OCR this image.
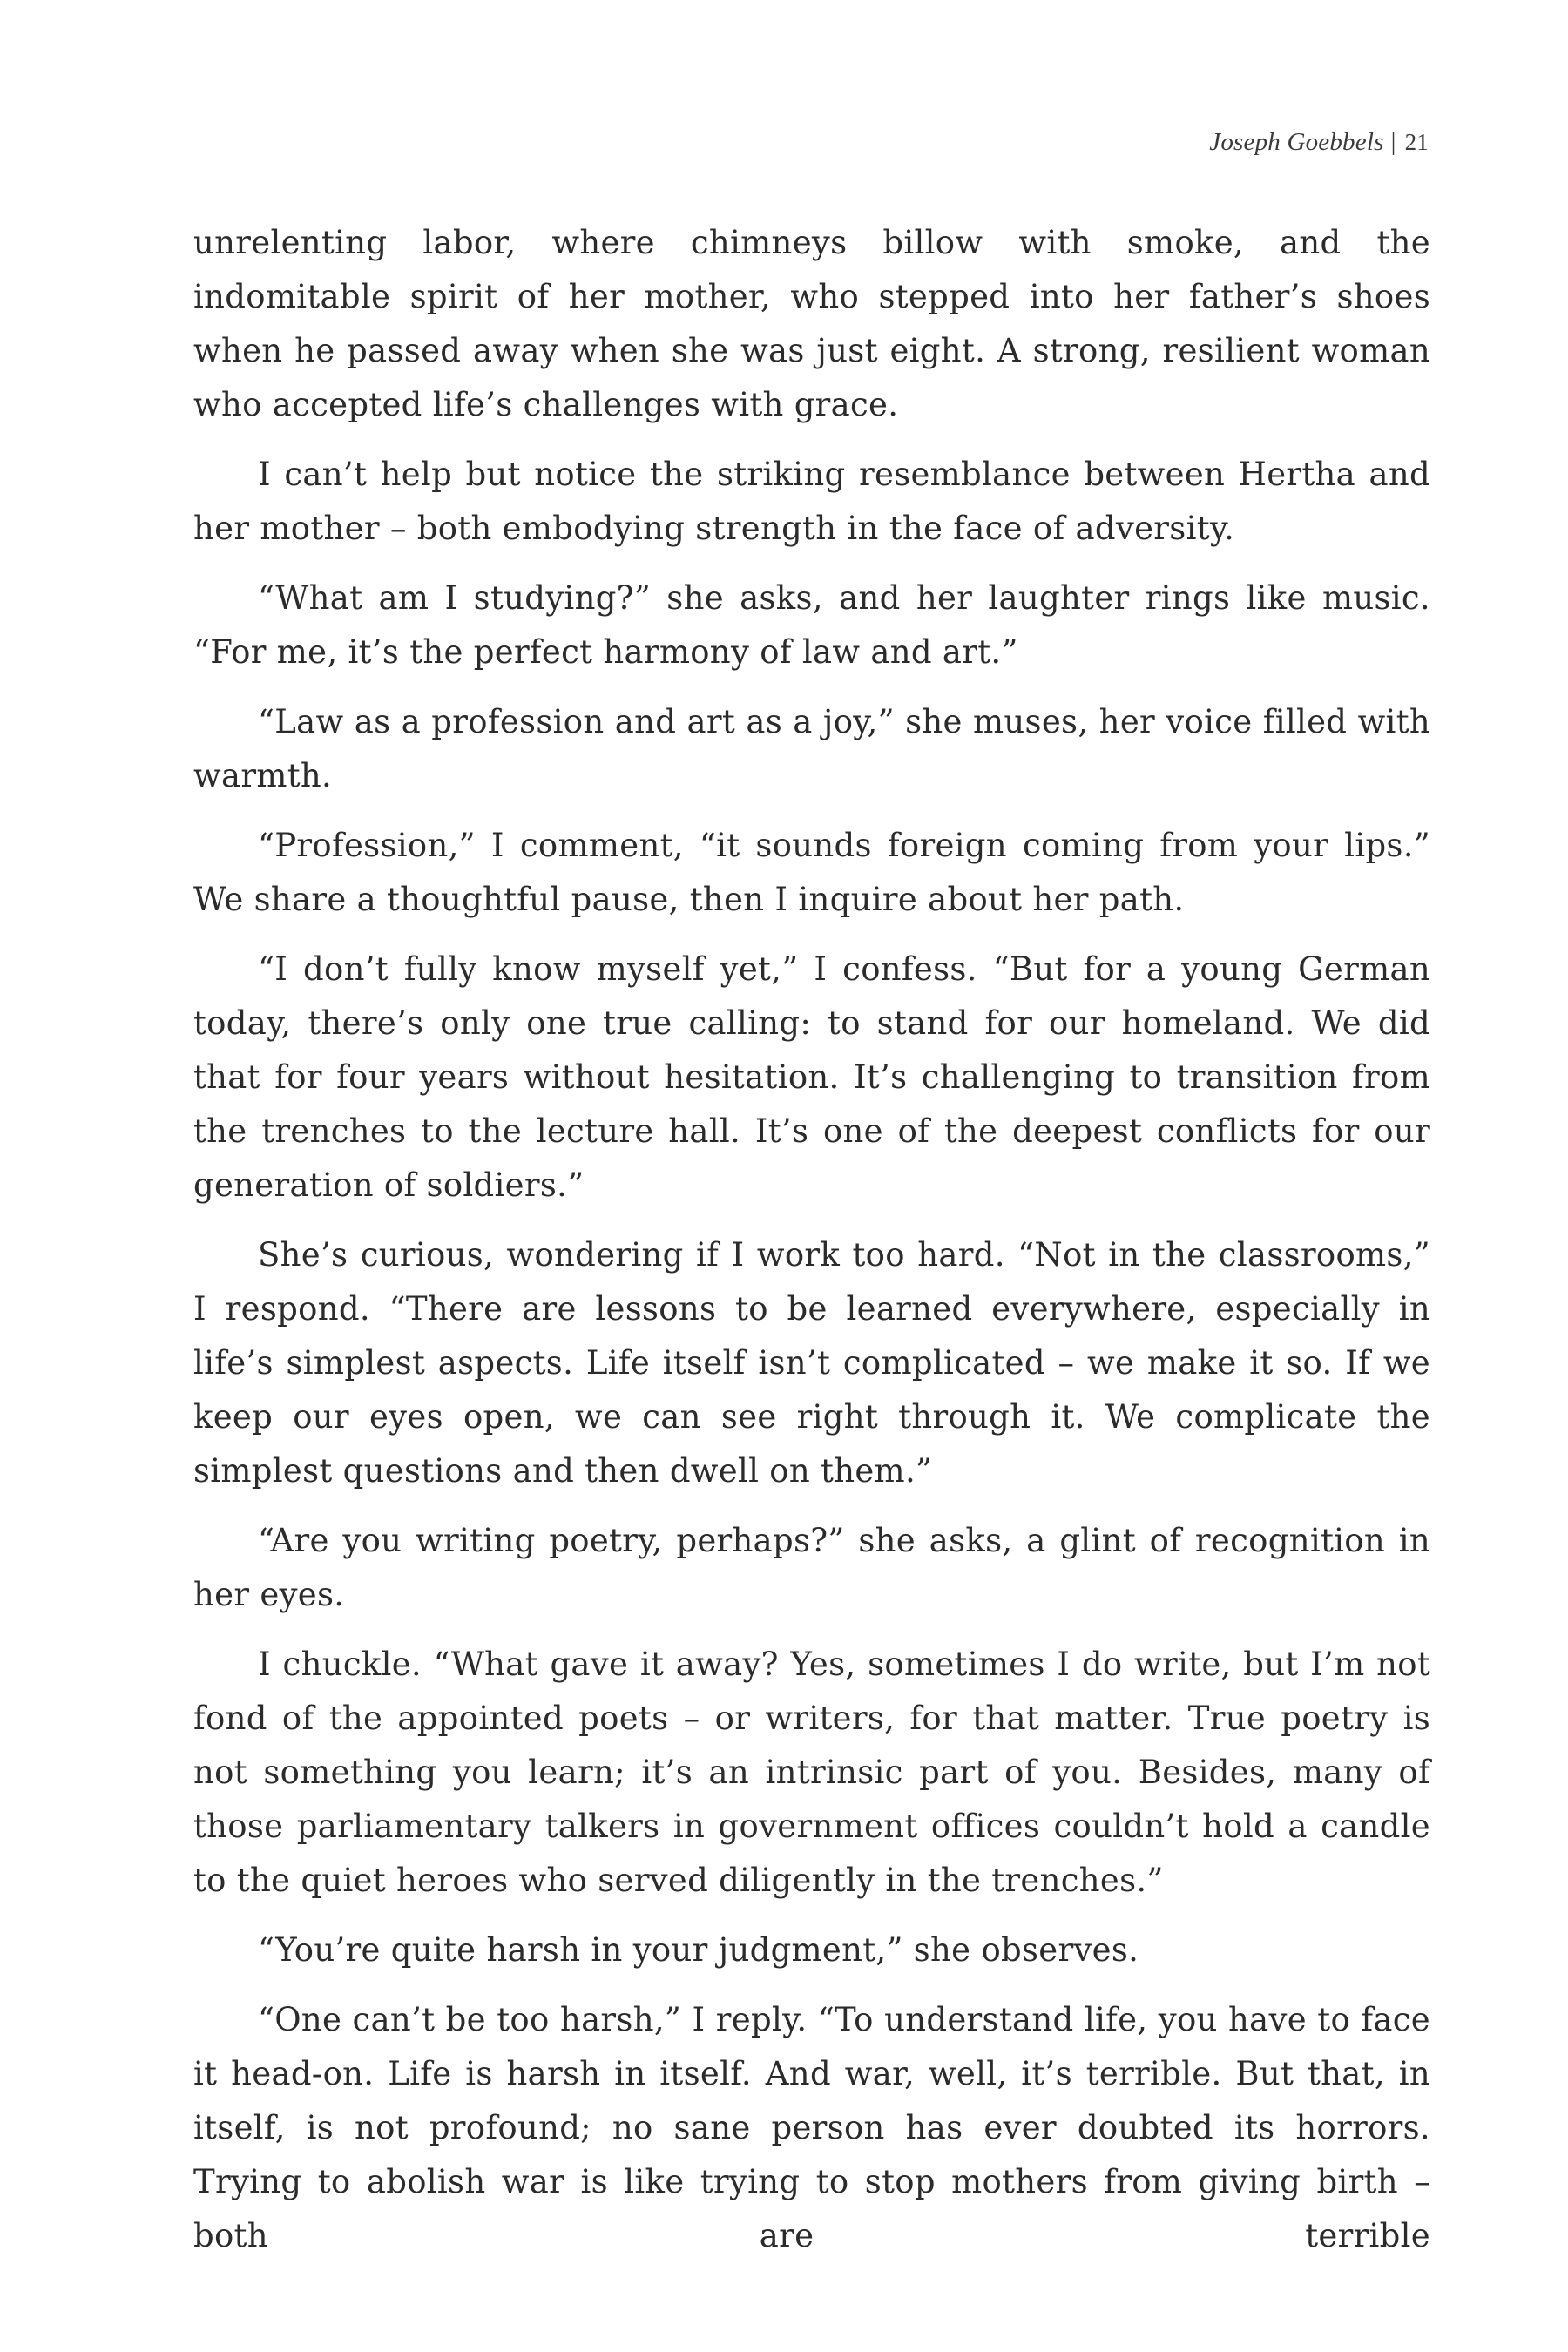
Joseph Goebbels | 21

unrelenting labor, where chimneys billow with smoke, and the indomitable spirit of her mother, who stepped into her father’s shoes when he passed away when she was just eight. A strong, resilient woman who accepted life’s challenges with grace.

I can’t help but notice the striking resemblance between Hertha and her mother – both embodying strength in the face of adversity.

“What am I studying?” she asks, and her laughter rings like music. “For me, it’s the perfect harmony of law and art.”

“Law as a profession and art as a joy,” she muses, her voice filled with warmth.

“Profession,” I comment, “it sounds foreign coming from your lips.” We share a thoughtful pause, then I inquire about her path.

“I don’t fully know myself yet,” I confess. “But for a young German today, there’s only one true calling: to stand for our homeland. We did that for four years without hesitation. It’s challenging to transition from the trenches to the lecture hall. It’s one of the deepest conflicts for our generation of soldiers.”

She’s curious, wondering if I work too hard. “Not in the classrooms,” I respond. “There are lessons to be learned everywhere, especially in life’s simplest aspects. Life itself isn’t complicated – we make it so. If we keep our eyes open, we can see right through it. We complicate the simplest questions and then dwell on them.”

“Are you writing poetry, perhaps?” she asks, a glint of recognition in her eyes.

I chuckle. “What gave it away? Yes, sometimes I do write, but I’m not fond of the appointed poets – or writers, for that matter. True poetry is not something you learn; it’s an intrinsic part of you. Besides, many of those parliamentary talkers in government offices couldn’t hold a candle to the quiet heroes who served diligently in the trenches.”

“You’re quite harsh in your judgment,” she observes.

“One can’t be too harsh,” I reply. “To understand life, you have to face it head-on. Life is harsh in itself. And war, well, it’s terrible. But that, in itself, is not profound; no sane person has ever doubted its horrors. Trying to abolish war is like trying to stop mothers from giving birth – both are terrible
